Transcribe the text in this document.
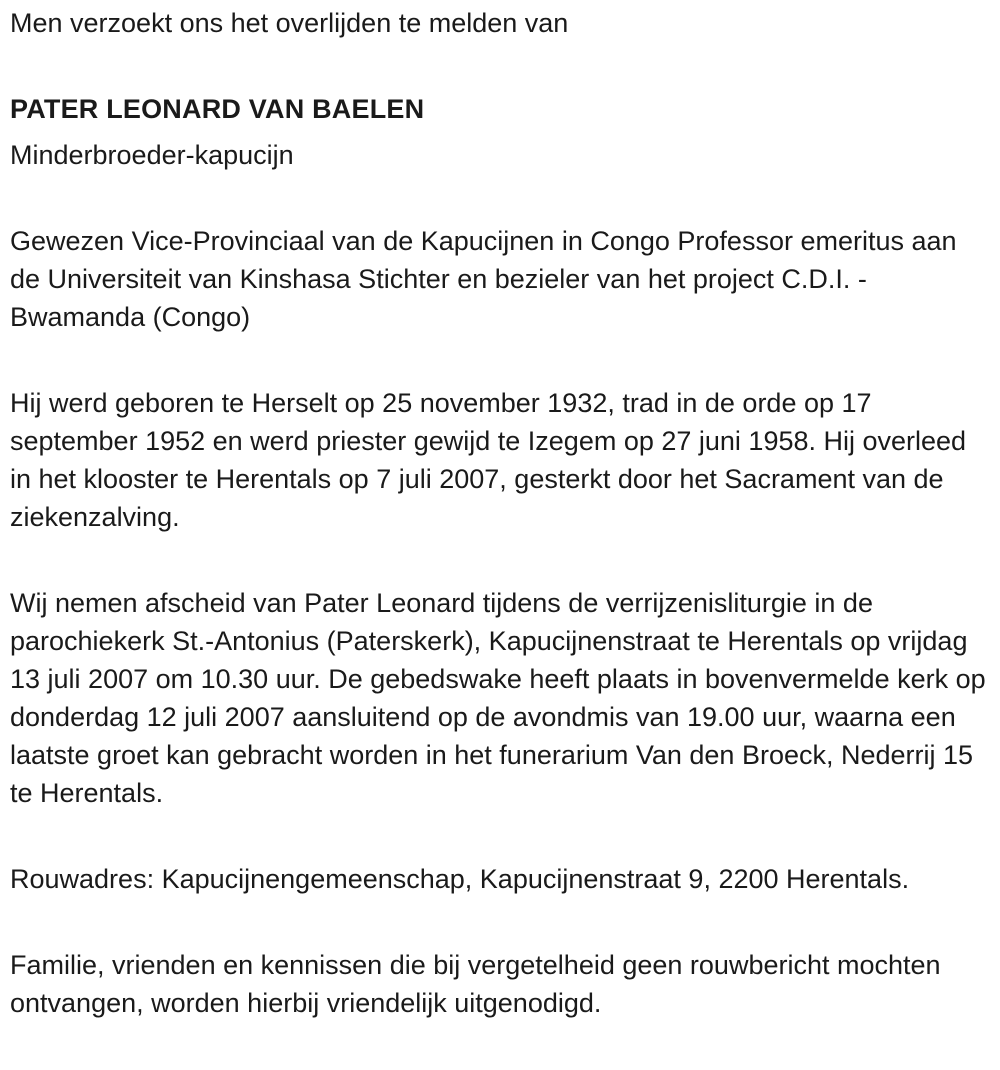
Men verzoekt ons het overlijden te melden van

PATER LEONARD VAN BAELEN

Minderbroeder-kapucijn

Gewezen Vice-Provinciaal van de Kapucijnen in Congo Professor emeritus aan de Universiteit van Kinshasa Stichter en bezieler van het project C.D.I. - Bwamanda (Congo)

Hij werd geboren te Herselt op 25 november 1932, trad in de orde op 17 september 1952 en werd priester gewijd te Izegem op 27 juni 1958. Hij overleed in het klooster te Herentals op 7 juli 2007, gesterkt door het Sacrament van de ziekenzalving.

Wij nemen afscheid van Pater Leonard tijdens de verrijzenisliturgie in de parochiekerk St.-Antonius (Paterskerk), Kapucijnenstraat te Herentals op vrijdag 13 juli 2007 om 10.30 uur. De gebedswake heeft plaats in bovenvermelde kerk op donderdag 12 juli 2007 aansluitend op de avondmis van 19.00 uur, waarna een laatste groet kan gebracht worden in het funerarium Van den Broeck, Nederrij 15 te Herentals.

Rouwadres: Kapucijnengemeenschap, Kapucijnenstraat 9, 2200 Herentals.

Familie, vrienden en kennissen die bij vergetelheid geen rouwbericht mochten ontvangen, worden hierbij vriendelijk uitgenodigd.
